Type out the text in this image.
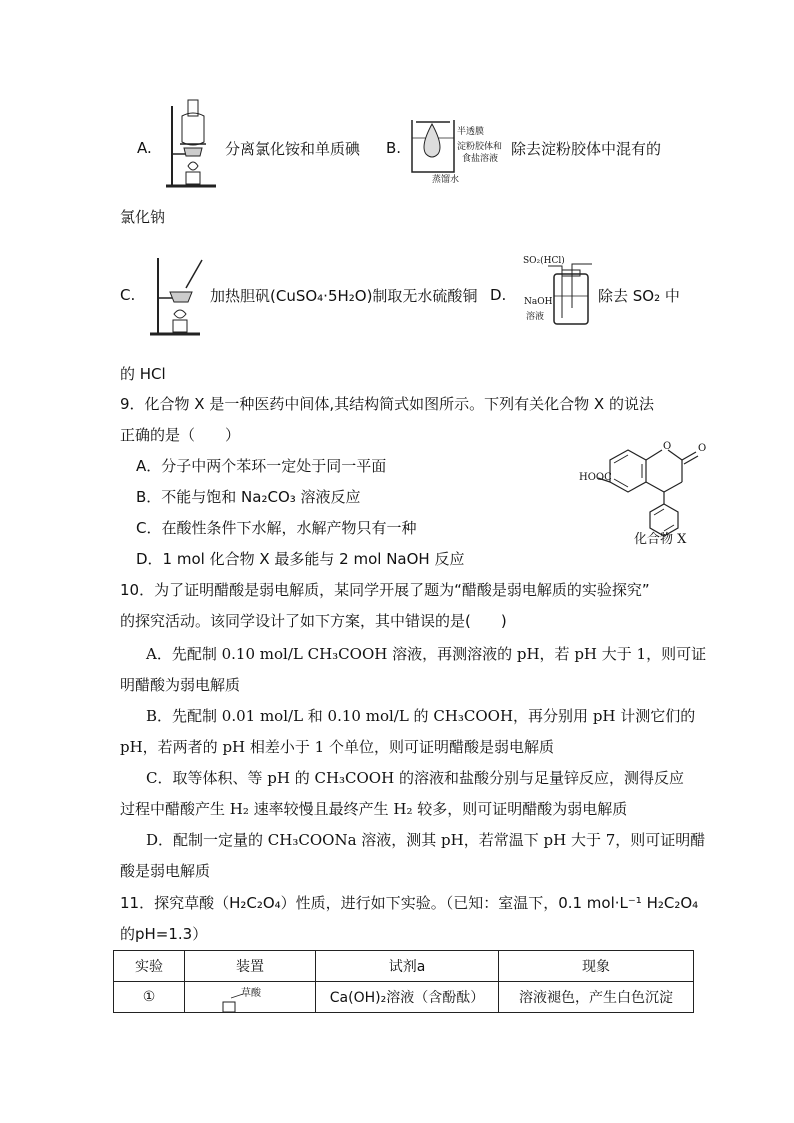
A.	分离氯化铵和单质碘 B.
半透膜
淀粉胶体和
食盐溶液
蒸馏水
除去淀粉胶体中混有的
氯化钠
C.	加热胆矾(CuSO₄·5H₂O)制取无水硫酸铜 D.
SO₂(HCl)
NaOH
溶液
除去 SO₂ 中
的 HCl
9．化合物 X 是一种医药中间体,其结构简式如图所示。下列有关化合物 X 的说法
正确的是（　　）
A．分子中两个苯环一定处于同一平面
B．不能与饱和 Na₂CO₃ 溶液反应
C．在酸性条件下水解，水解产物只有一种
D．1 mol 化合物 X 最多能与 2 mol NaOH 反应
O	O
HOOC
化合物 X
10．为了证明醋酸是弱电解质，某同学开展了题为“醋酸是弱电解质的实验探究”
的探究活动。该同学设计了如下方案，其中错误的是(　　)
A．先配制 0.10 mol/L CH₃COOH 溶液，再测溶液的 pH，若 pH 大于 1，则可证
明醋酸为弱电解质
B．先配制 0.01 mol/L 和 0.10 mol/L 的 CH₃COOH，再分别用 pH 计测它们的
pH，若两者的 pH 相差小于 1 个单位，则可证明醋酸是弱电解质
C．取等体积、等 pH 的 CH₃COOH 的溶液和盐酸分别与足量锌反应，测得反应
过程中醋酸产生 H₂ 速率较慢且最终产生 H₂ 较多，则可证明醋酸为弱电解质
D．配制一定量的 CH₃COONa 溶液，测其 pH，若常温下 pH 大于 7，则可证明醋
酸是弱电解质
11．探究草酸（H₂C₂O₄）性质，进行如下实验。（已知：室温下，0.1 mol·L⁻¹ H₂C₂O₄
的pH=1.3）
实验	装置	试剂a	现象
①	草酸	Ca(OH)₂溶液（含酚酞）	溶液褪色，产生白色沉淀
